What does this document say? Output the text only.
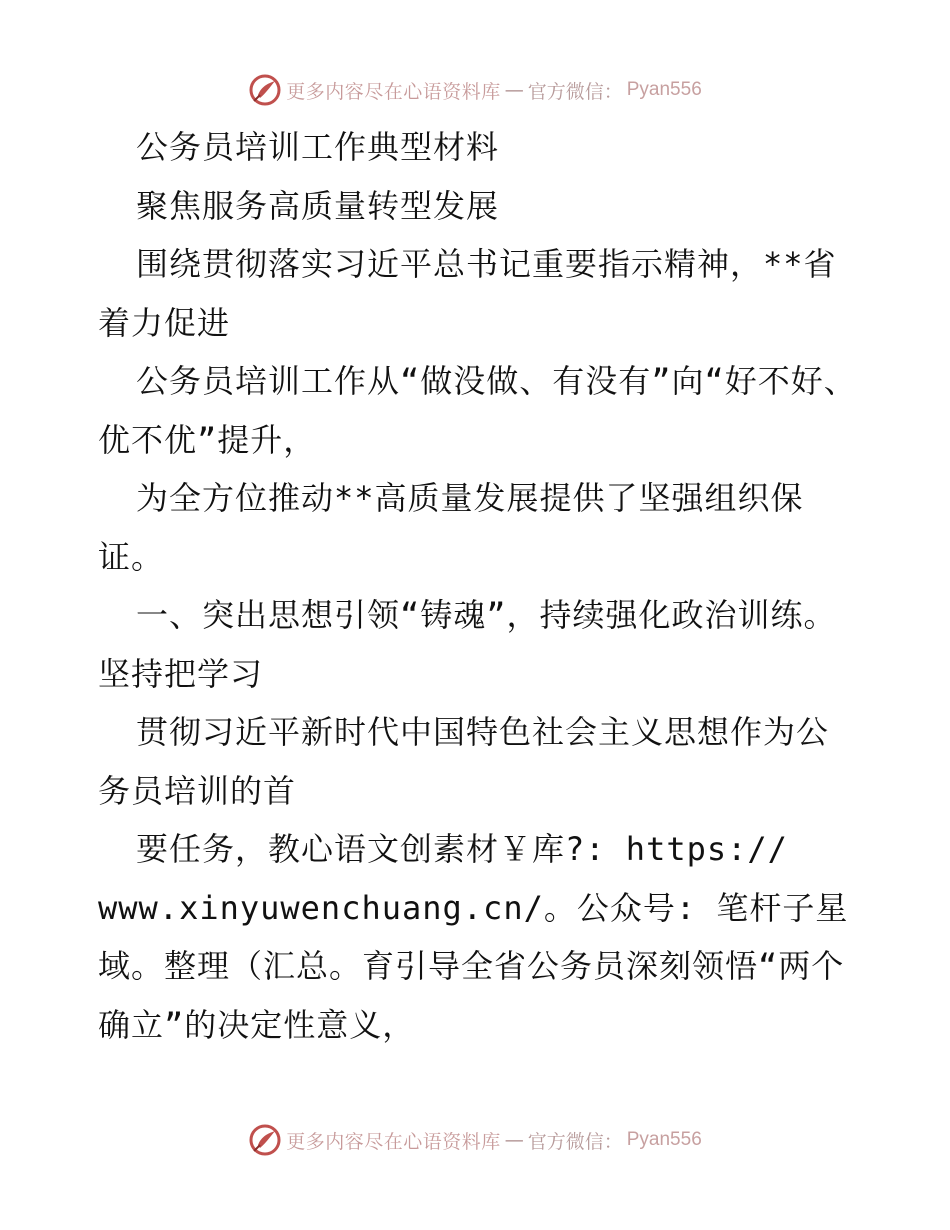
更多内容尽在心语资料库 — 官方微信： Pyan556

公务员培训工作典型材料

聚焦服务高质量转型发展

围绕贯彻落实习近平总书记重要指示精神，**省着力促进

公务员培训工作从“做没做、有没有”向“好不好、优不优”提升，

为全方位推动**高质量发展提供了坚强组织保证。

一、突出思想引领“铸魂”，持续强化政治训练。坚持把学习

贯彻习近平新时代中国特色社会主义思想作为公务员培训的首

要任务，教心语文创素材￥库?: https://

www.xinyuwenchuang.cn/。公众号: 笔杆子星域。整理（汇总。育引导全省公务员深刻领悟“两个确立”的决定性意义，

更多内容尽在心语资料库 — 官方微信： Pyan556
